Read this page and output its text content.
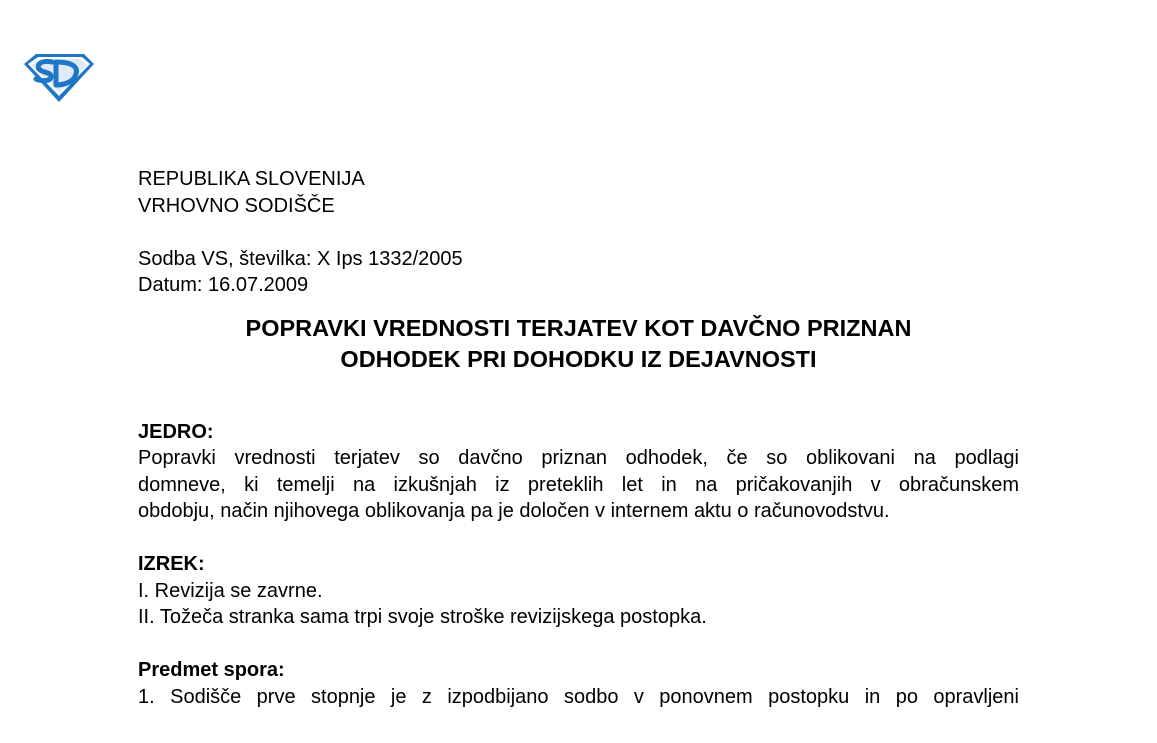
REPUBLIKA SLOVENIJA
VRHOVNO SODIŠČE
Sodba VS, številka: X Ips 1332/2005
Datum: 16.07.2009
POPRAVKI VREDNOSTI TERJATEV KOT DAVČNO PRIZNAN
ODHODEK PRI DOHODKU IZ DEJAVNOSTI
JEDRO:
Popravki vrednosti terjatev so davčno priznan odhodek, če so oblikovani na podlagi
domneve, ki temelji na izkušnjah iz preteklih let in na pričakovanjih v obračunskem
obdobju, način njihovega oblikovanja pa je določen v internem aktu o računovodstvu.
IZREK:
I. Revizija se zavrne.
II. Tožeča stranka sama trpi svoje stroške revizijskega postopka.
Predmet spora:
1. Sodišče prve stopnje je z izpodbijano sodbo v ponovnem postopku in po opravljeni
